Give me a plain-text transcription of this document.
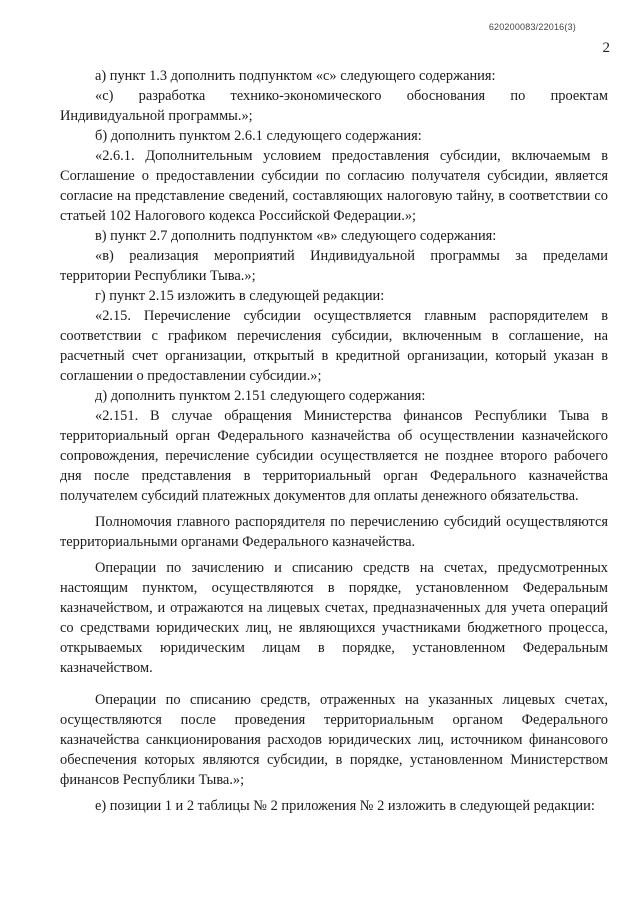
620200083/22016(3)
2

а) пункт 1.3 дополнить подпунктом «с» следующего содержания:

«с) разработка технико-экономического обоснования по проектам Индивидуальной программы.»;

б) дополнить пунктом 2.6.1 следующего содержания:

«2.6.1. Дополнительным условием предоставления субсидии, включаемым в Соглашение о предоставлении субсидии по согласию получателя субсидии, является согласие на представление сведений, составляющих налоговую тайну, в соответствии со статьей 102 Налогового кодекса Российской Федерации.»;

в) пункт 2.7 дополнить подпунктом «в» следующего содержания:

«в) реализация мероприятий Индивидуальной программы за пределами территории Республики Тыва.»;

г) пункт 2.15 изложить в следующей редакции:

«2.15. Перечисление субсидии осуществляется главным распорядителем в соответствии с графиком перечисления субсидии, включенным в соглашение, на расчетный счет организации, открытый в кредитной организации, который указан в соглашении о предоставлении субсидии.»;

д) дополнить пунктом 2.151 следующего содержания:

«2.151. В случае обращения Министерства финансов Республики Тыва в территориальный орган Федерального казначейства об осуществлении казначейского сопровождения, перечисление субсидии осуществляется не позднее второго рабочего дня после представления в территориальный орган Федерального казначейства получателем субсидий платежных документов для оплаты денежного обязательства.

Полномочия главного распорядителя по перечислению субсидий осуществляются территориальными органами Федерального казначейства.

Операции по зачислению и списанию средств на счетах, предусмотренных настоящим пунктом, осуществляются в порядке, установленном Федеральным казначейством, и отражаются на лицевых счетах, предназначенных для учета операций со средствами юридических лиц, не являющихся участниками бюджетного процесса, открываемых юридическим лицам в порядке, установленном Федеральным казначейством.

Операции по списанию средств, отраженных на указанных лицевых счетах, осуществляются после проведения территориальным органом Федерального казначейства санкционирования расходов юридических лиц, источником финансового обеспечения которых являются субсидии, в порядке, установленном Министерством финансов Республики Тыва.»;

е) позиции 1 и 2 таблицы № 2 приложения № 2 изложить в следующей редакции:
